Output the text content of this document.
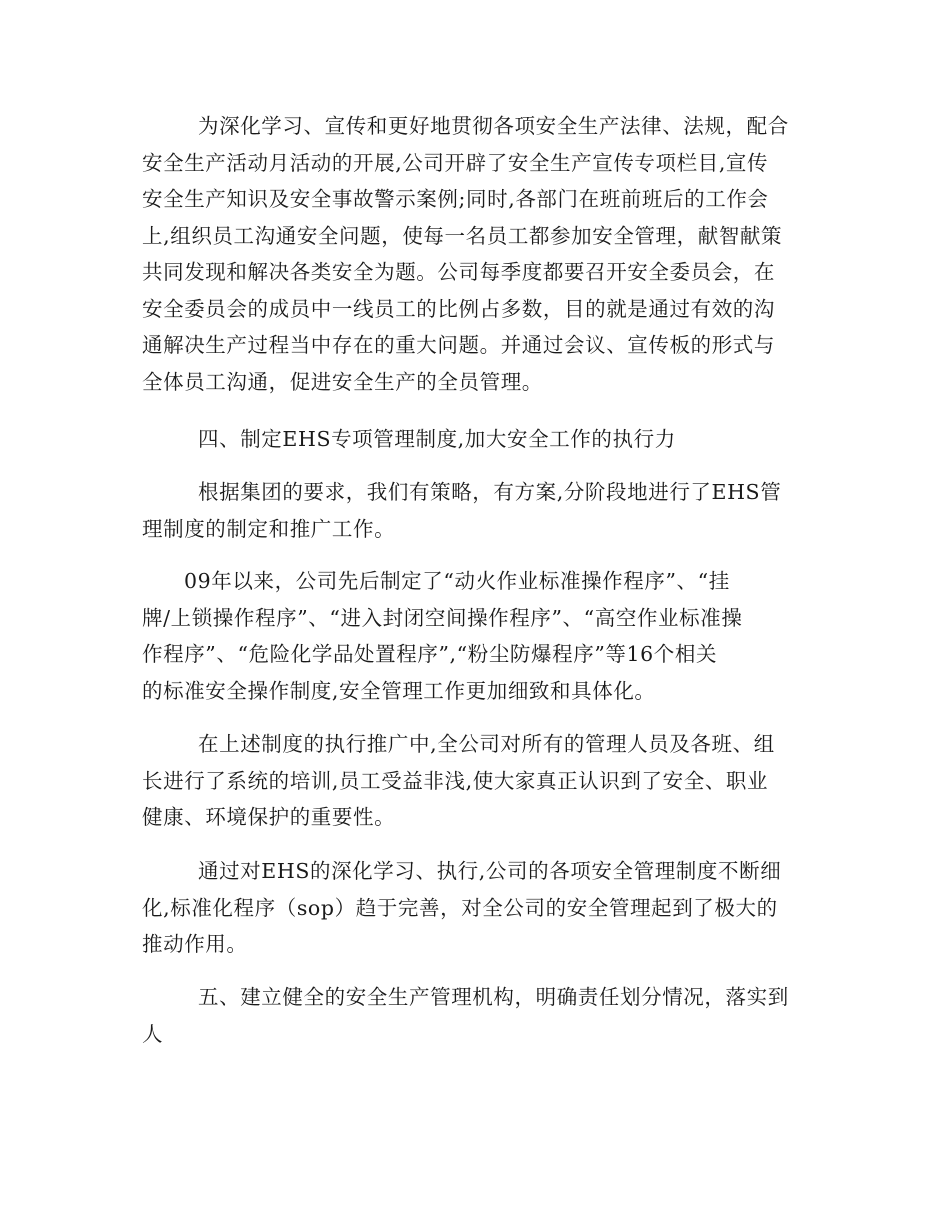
为深化学习、宣传和更好地贯彻各项安全生产法律、法规，配合
安全生产活动月活动的开展,公司开辟了安全生产宣传专项栏目,宣传
安全生产知识及安全事故警示案例;同时,各部门在班前班后的工作会
上,组织员工沟通安全问题，使每一名员工都参加安全管理，献智献策
共同发现和解决各类安全为题。公司每季度都要召开安全委员会，在
安全委员会的成员中一线员工的比例占多数，目的就是通过有效的沟
通解决生产过程当中存在的重大问题。并通过会议、宣传板的形式与
全体员工沟通，促进安全生产的全员管理。
四、制定EHS专项管理制度,加大安全工作的执行力
根据集团的要求，我们有策略，有方案,分阶段地进行了EHS管
理制度的制定和推广工作。
09年以来，公司先后制定了“动火作业标准操作程序”、“挂
牌/上锁操作程序”、“进入封闭空间操作程序”、“高空作业标准操
作程序”、“危险化学品处置程序”,“粉尘防爆程序”等16个相关
的标准安全操作制度,安全管理工作更加细致和具体化。
在上述制度的执行推广中,全公司对所有的管理人员及各班、组
长进行了系统的培训,员工受益非浅,使大家真正认识到了安全、职业
健康、环境保护的重要性。
通过对EHS的深化学习、执行,公司的各项安全管理制度不断细
化,标准化程序（sop）趋于完善，对全公司的安全管理起到了极大的
推动作用。
五、建立健全的安全生产管理机构，明确责任划分情况，落实到
人
